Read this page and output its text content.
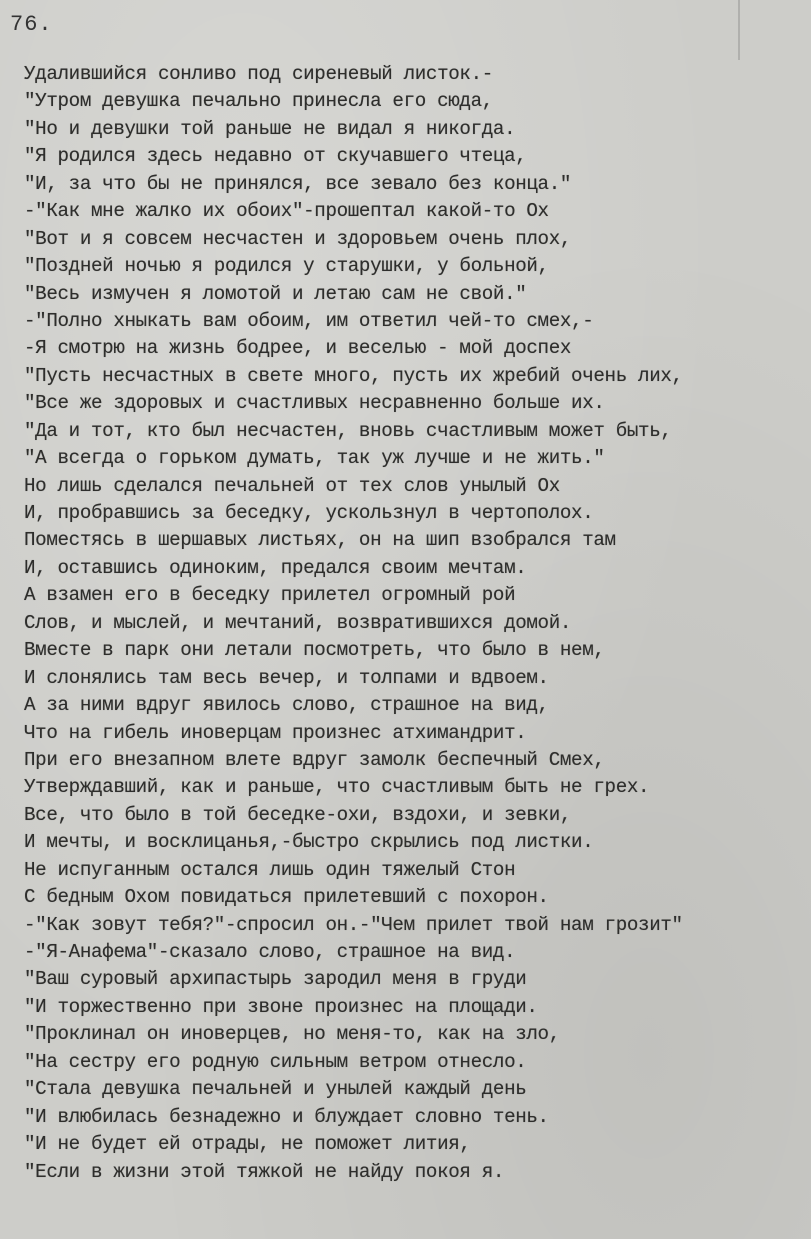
76.
Удалившийся сонливо под сиреневый листок.-
"Утром девушка печально принесла его сюда,
"Но и девушки той раньше не видал я никогда.
"Я родился здесь недавно от скучавшего чтеца,
"И, за что бы не принялся, все зевало без конца."
-"Как мне жалко их обоих"-прошептал какой-то Ох
"Вот и я совсем несчастен и здоровьем очень плох,
"Поздней ночью я родился у старушки, у больной,
"Весь измучен я ломотой и летаю сам не свой."
-"Полно хныкать вам обоим, им ответил чей-то смех,-
-Я смотрю на жизнь бодрее, и веселью - мой доспех
"Пусть несчастных в свете много, пусть их жребий очень лих,
"Все же здоровых и счастливых несравненно больше их.
"Да и тот, кто был несчастен, вновь счастливым может быть,
"А всегда о горьком думать, так уж лучше и не жить."
Но лишь сделался печальней от тех слов унылый Ох
И, пробравшись за беседку, ускользнул в чертополох.
Поместясь в шершавых листьях, он на шип взобрался там
И, оставшись одиноким, предался своим мечтам.
А взамен его в беседку прилетел огромный рой
Слов, и мыслей, и мечтаний, возвратившихся домой.
Вместе в парк они летали посмотреть, что было в нем,
И слонялись там весь вечер, и толпами и вдвоем.
А за ними вдруг явилось слово, страшное на вид,
Что на гибель иноверцам произнес атхимандрит.
При его внезапном влете вдруг замолк беспечный Смех,
Утверждавший, как и раньше, что счастливым быть не грех.
Все, что было в той беседке-охи, вздохи, и зевки,
И мечты, и восклицанья,-быстро скрылись под листки.
Не испуганным остался лишь один тяжелый Стон
С бедным Охом повидаться прилетевший с похорон.
-"Как зовут тебя?"-спросил он.-"Чем прилет твой нам грозит"
-"Я-Анафема"-сказало слово, страшное на вид.
"Ваш суровый архипастырь зародил меня в груди
"И торжественно при звоне произнес на площади.
"Проклинал он иноверцев, но меня-то, как на зло,
"На сестру его родную сильным ветром отнесло.
"Стала девушка печальней и унылей каждый день
"И влюбилась безнадежно и блуждает словно тень.
"И не будет ей отрады, не поможет лития,
"Если в жизни этой тяжкой не найду покоя я.
